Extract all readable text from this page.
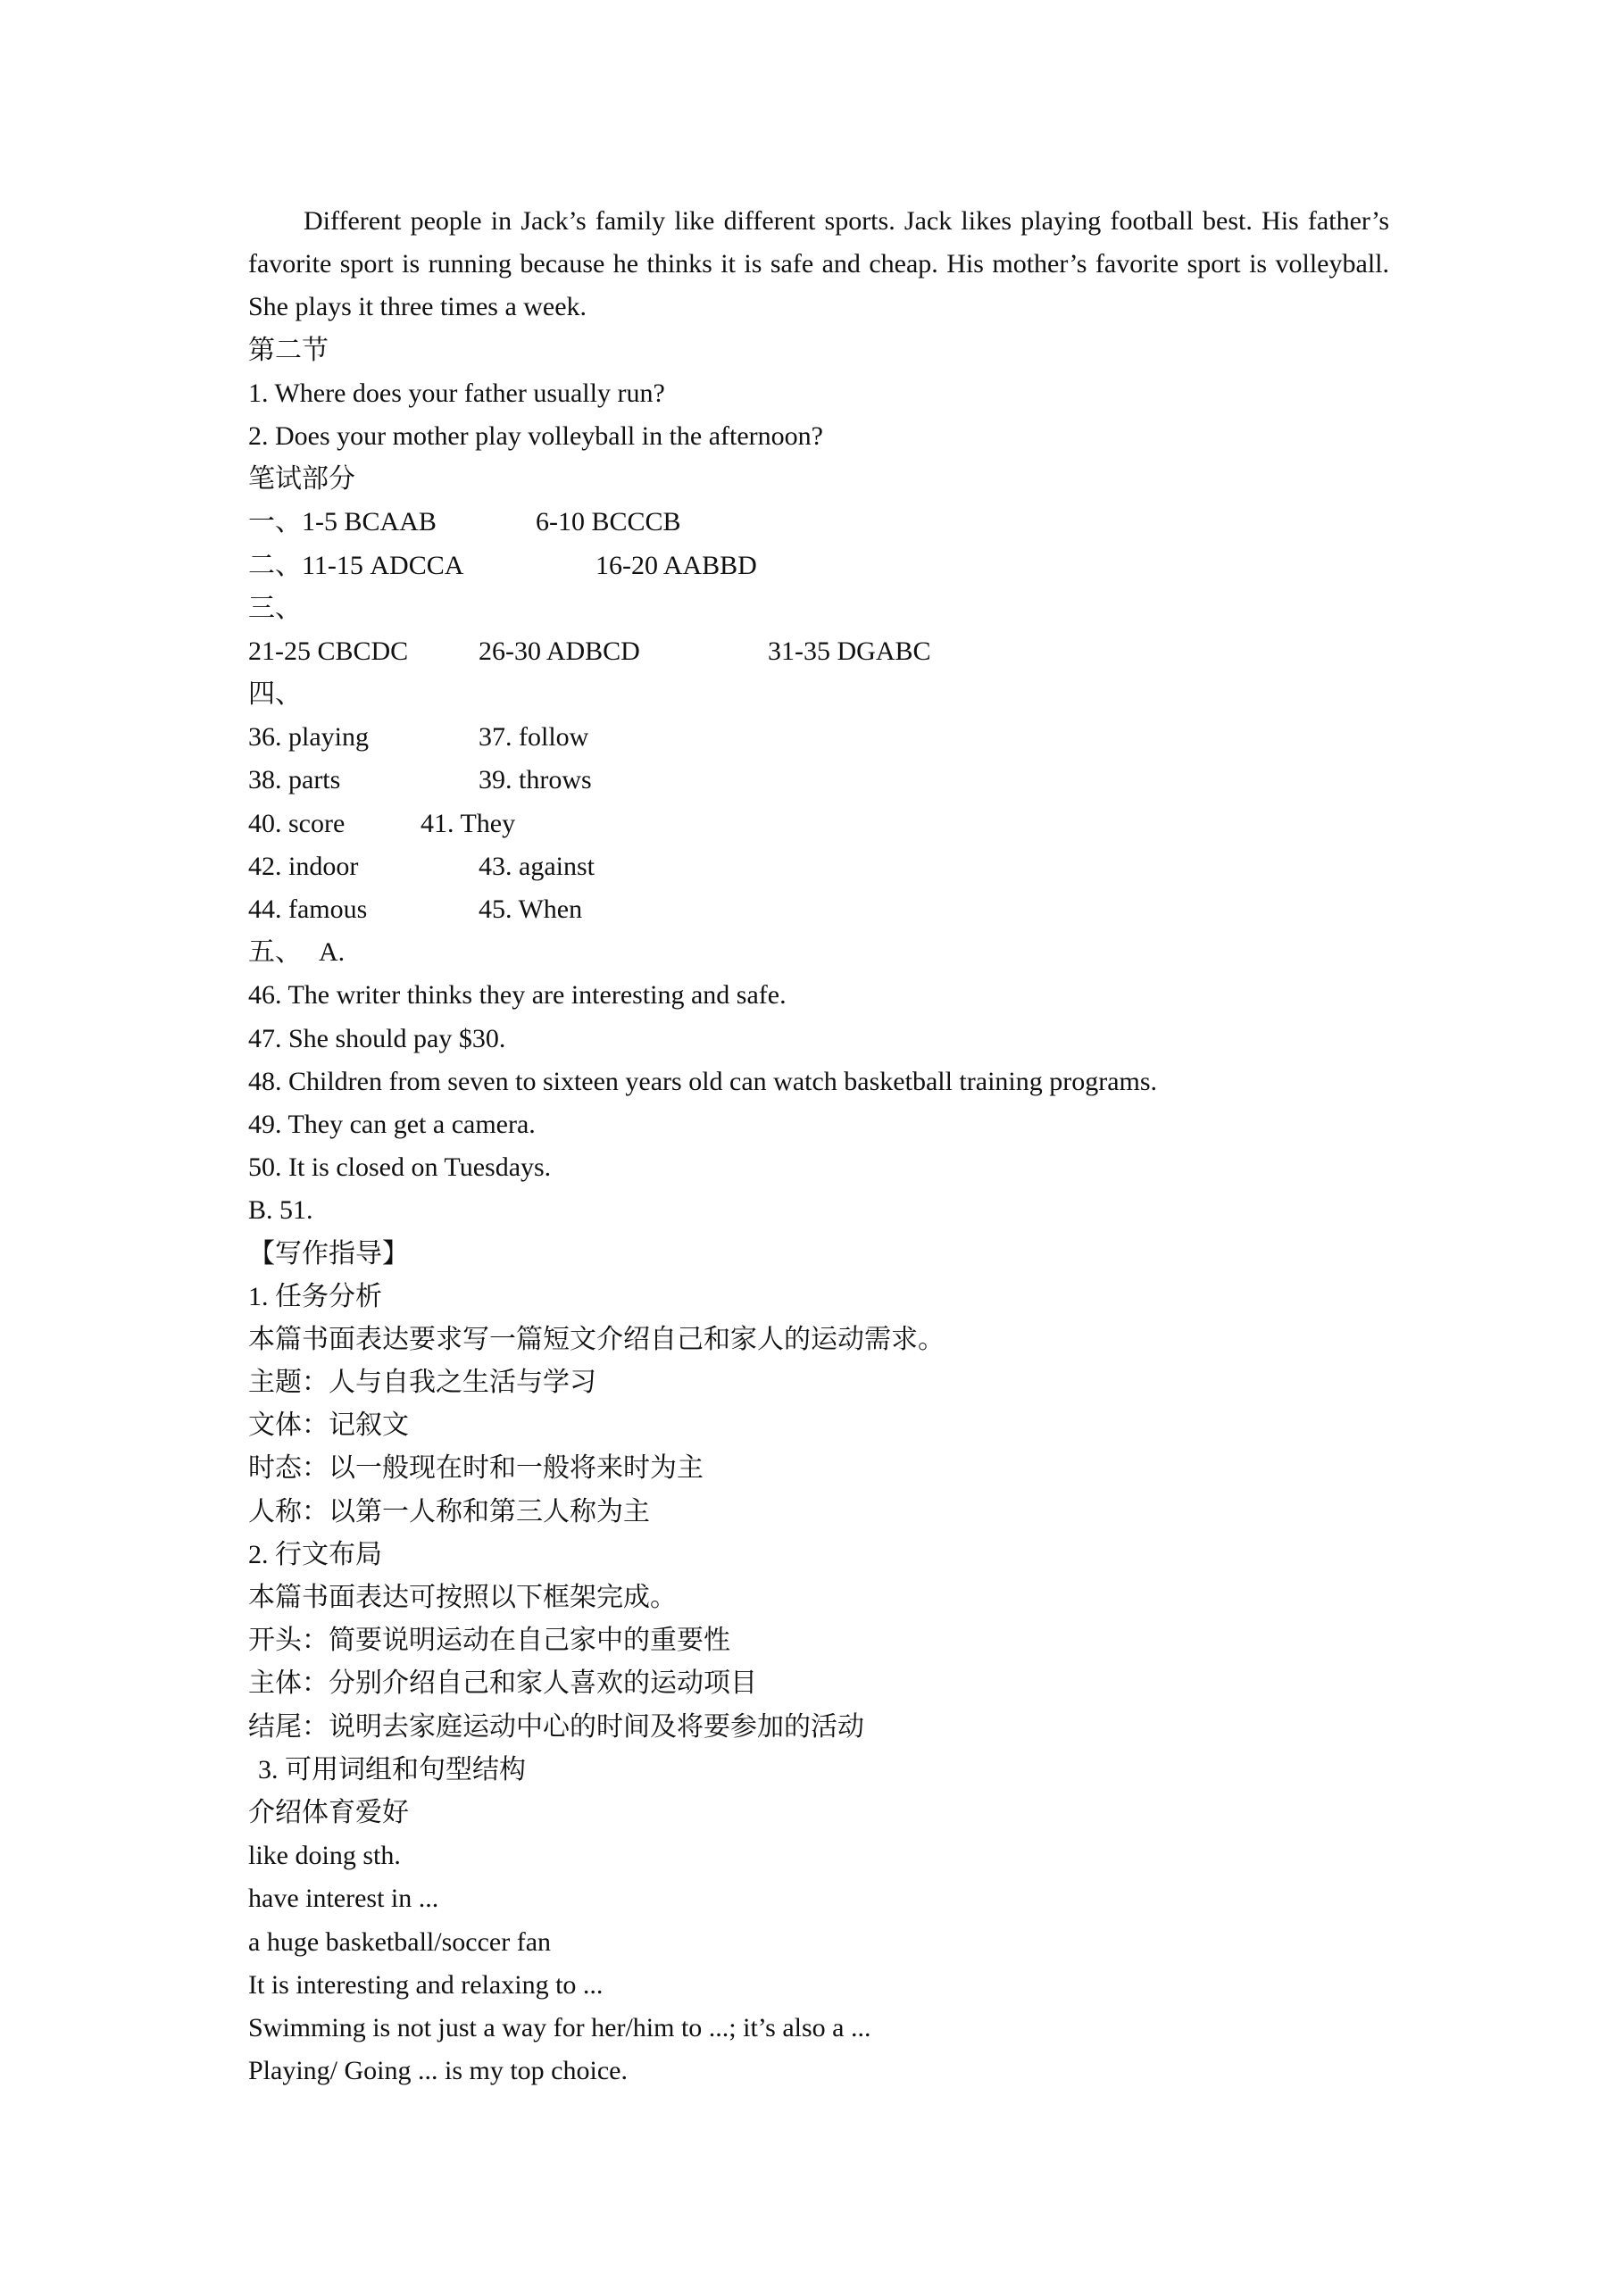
Different people in Jack’s family like different sports. Jack likes playing football best. His father’s favorite sport is running because he thinks it is safe and cheap. His mother’s favorite sport is volleyball. She plays it three times a week.

第二节
1. Where does your father usually run?
2. Does your mother play volleyball in the afternoon?
笔试部分
一、1-5 BCAAB	6-10 BCCCB
二、11-15 ADCCA	16-20 AABBD
三、
21-25 CBCDC	26-30 ADBCD	31-35 DGABC
四、
36. playing	37. follow
38. parts	39. throws
40. score	41. They
42. indoor	43. against
44. famous	45. When
五、 A.
46. The writer thinks they are interesting and safe.
47. She should pay $30.
48. Children from seven to sixteen years old can watch basketball training programs.
49. They can get a camera.
50. It is closed on Tuesdays.
B. 51.
【写作指导】
1. 任务分析
本篇书面表达要求写一篇短文介绍自己和家人的运动需求。
主题：人与自我之生活与学习
文体：记叙文
时态：以一般现在时和一般将来时为主
人称：以第一人称和第三人称为主
2. 行文布局
本篇书面表达可按照以下框架完成。
开头：简要说明运动在自己家中的重要性
主体：分别介绍自己和家人喜欢的运动项目
结尾：说明去家庭运动中心的时间及将要参加的活动
3. 可用词组和句型结构
介绍体育爱好
like doing sth.
have interest in ...
a huge basketball/soccer fan
It is interesting and relaxing to ...
Swimming is not just a way for her/him to ...; it’s also a ...
Playing/ Going ... is my top choice.
